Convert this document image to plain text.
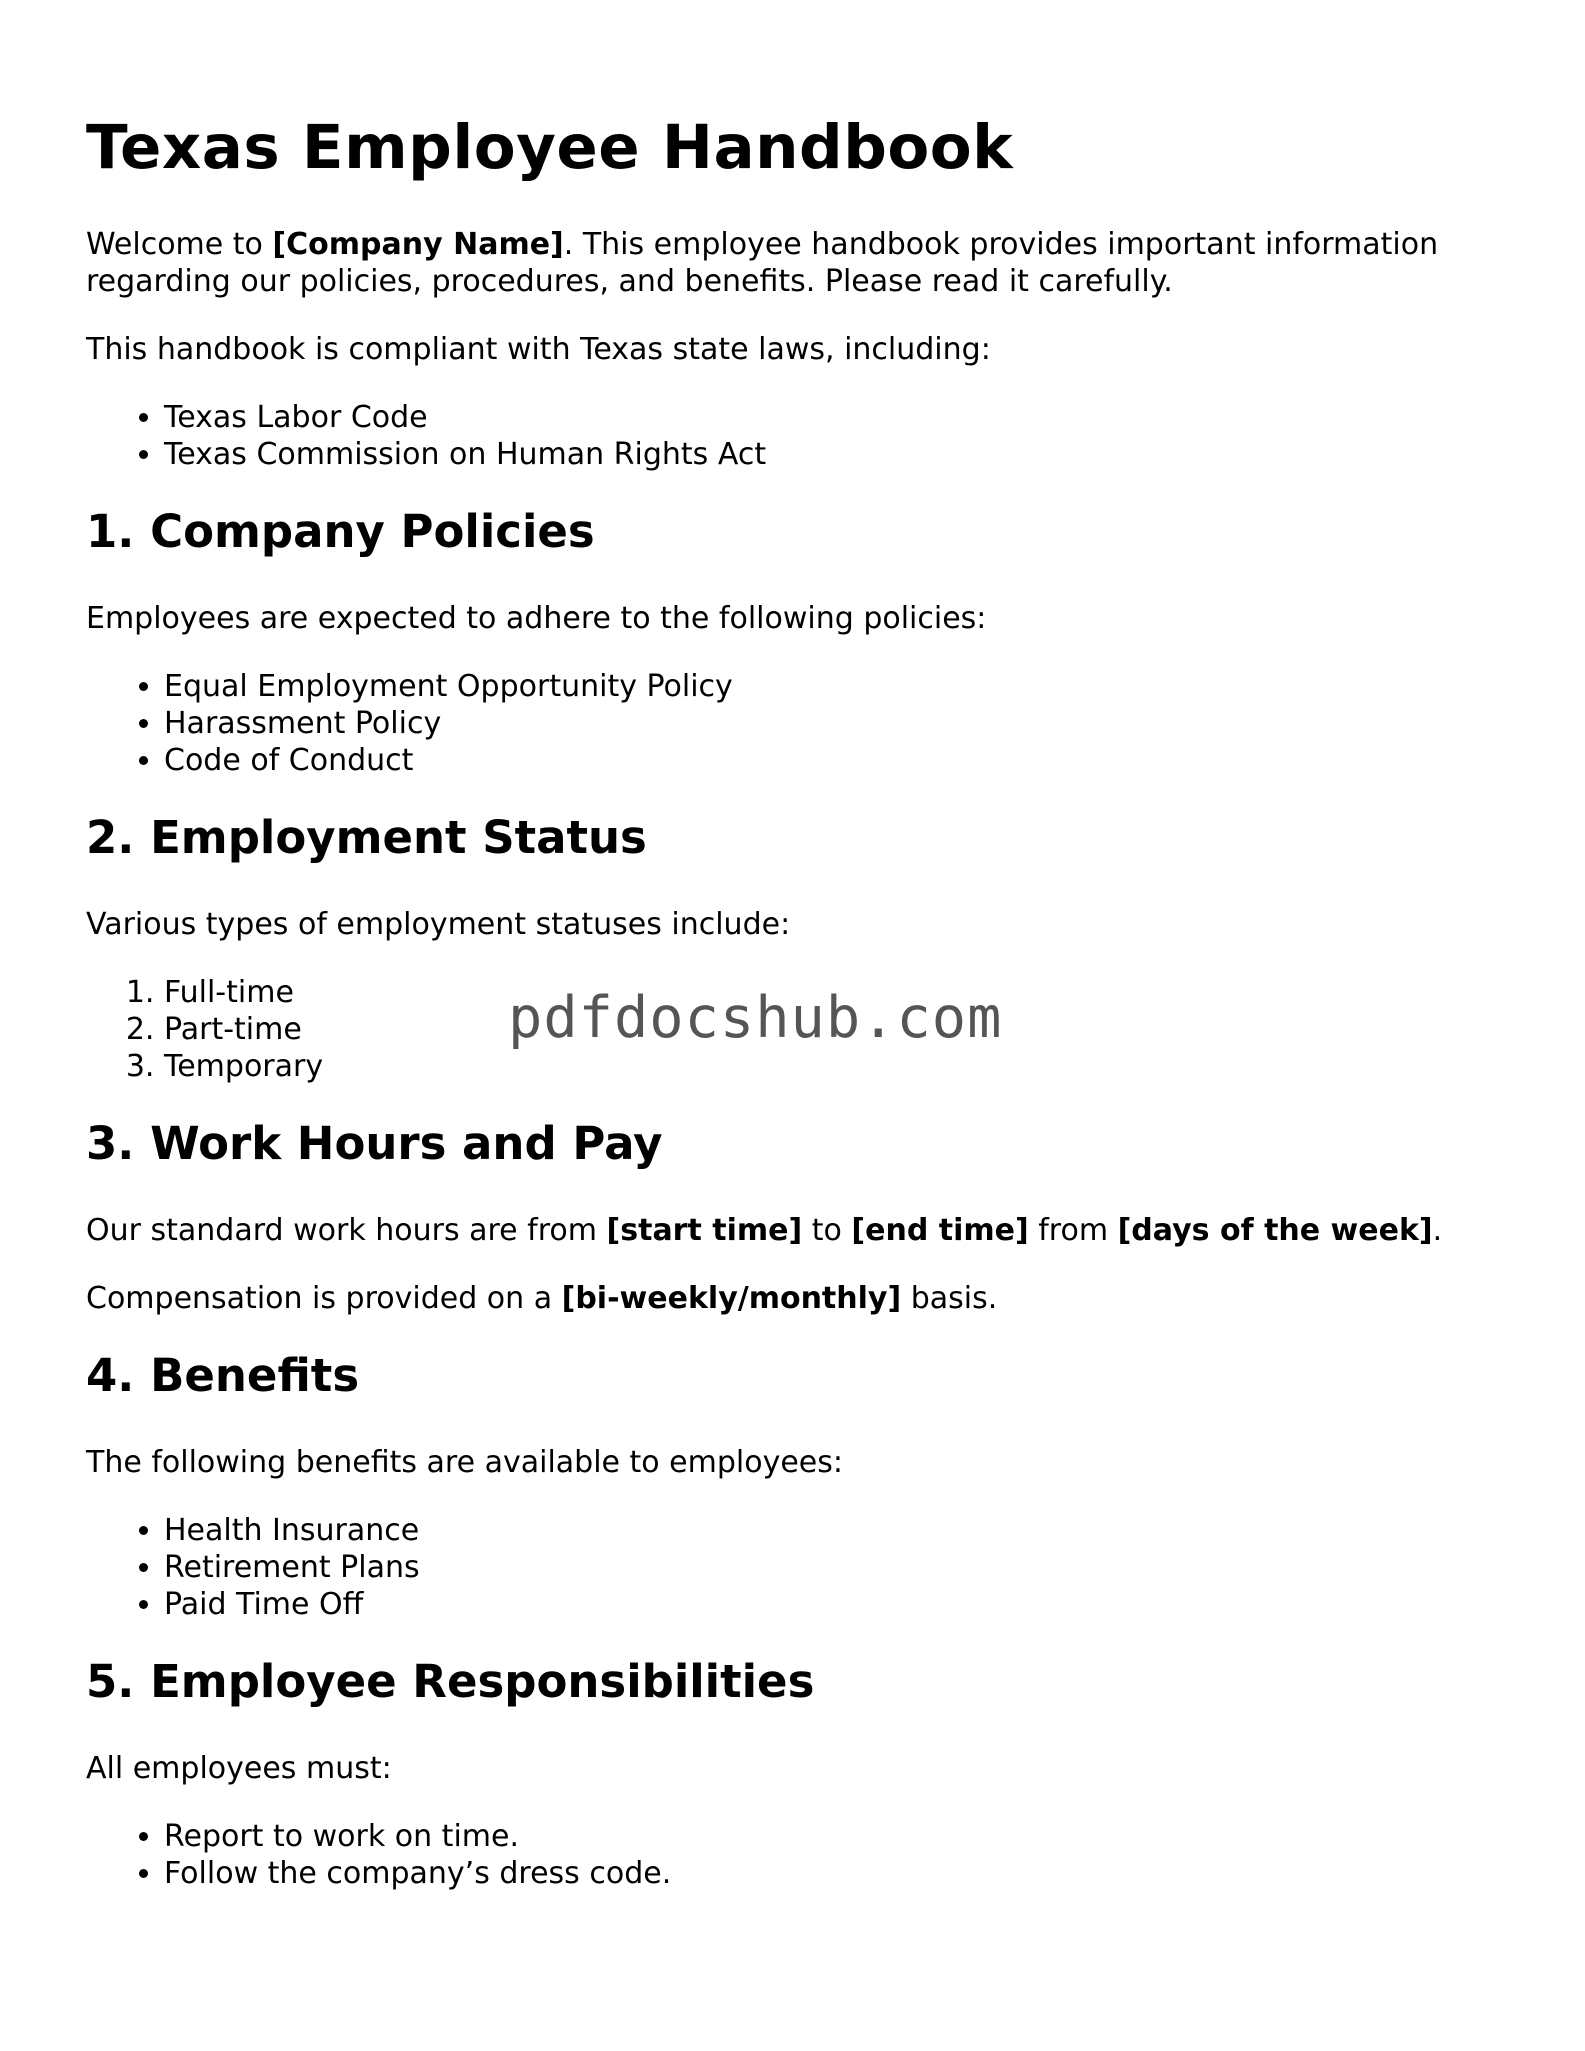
Texas Employee Handbook

Welcome to [Company Name]. This employee handbook provides important information regarding our policies, procedures, and benefits. Please read it carefully.

This handbook is compliant with Texas state laws, including:

• Texas Labor Code
• Texas Commission on Human Rights Act
1. Company Policies

Employees are expected to adhere to the following policies:

• Equal Employment Opportunity Policy
• Harassment Policy
• Code of Conduct
2. Employment Status

Various types of employment statuses include:

1. Full-time
2. Part-time
3. Temporary
3. Work Hours and Pay

Our standard work hours are from [start time] to [end time] from [days of the week].

Compensation is provided on a [bi-weekly/monthly] basis.

4. Benefits

The following benefits are available to employees:

• Health Insurance
• Retirement Plans
• Paid Time Off
5. Employee Responsibilities

All employees must:

• Report to work on time.
• Follow the company’s dress code.
pdfdocshub.com
